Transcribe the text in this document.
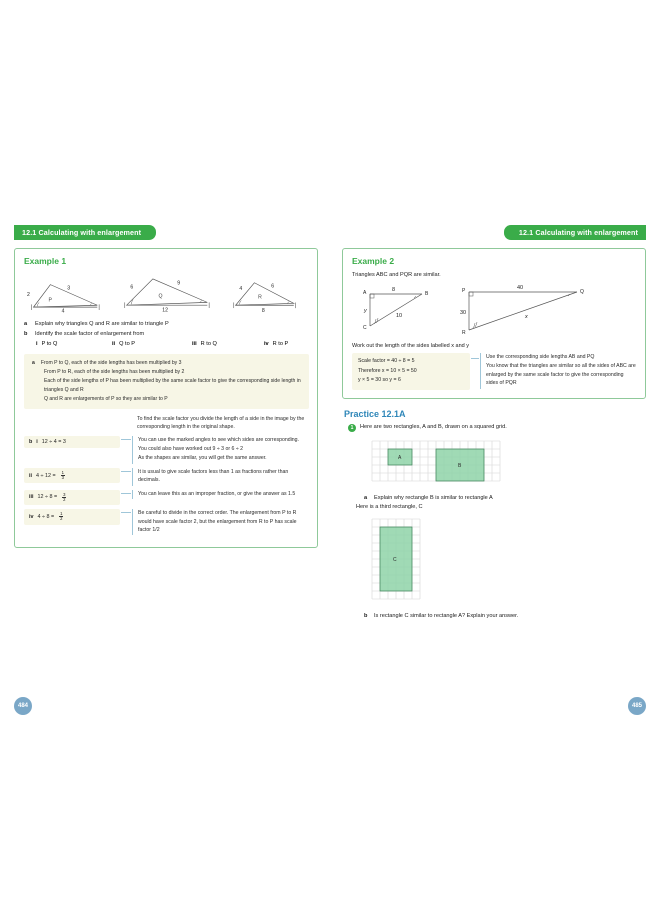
12.1 Calculating with enlargement
Example 1
2
3
4
P
6
9
12
Q
4	6
8
R
a	Explain why triangles Q and R are similar to triangle P
b	Identify the scale factor of enlargement from
i P to Q	ii Q to P	iii R to Q	iv R to P
a From P to Q, each of the side lengths has been multiplied by 3
From P to R, each of the side lengths has been multiplied by 2
Each of the side lengths of P has been multiplied by the same scale factor to give the corresponding side length in triangles Q and R
Q and R are enlargements of P so they are similar to P
To find the scale factor you divide the length of a side in the image by the corresponding length in the original shape.
b i 12 ÷ 4 = 3	You can use the marked angles to see which sides are corresponding.
You could also have worked out 9 ÷ 3 or 6 ÷ 2
As the shapes are similar, you will get the same answer.
ii $4 \div 12 = \frac{1}{3}$	It is usual to give scale factors less than 1 as fractions rather than decimals.
iii $12 \div 8 = \frac{3}{2}$	You can leave this as an improper fraction, or give the answer as 1.5
iv $4 \div 8 = \frac{1}{2}$	Be careful to divide in the correct order. The enlargement from P to R would have scale factor 2, but the enlargement from R to P has scale factor 1/2
484
12.1 Calculating with enlargement
Example 2
Triangles ABC and PQR are similar.
A	B
C
8
y
10
P	Q
R
40
30
x
Work out the length of the sides labelled x and y
Scale factor = 40 ÷ 8 = 5
Therefore x = 10 × 5 = 50
y × 5 = 30 so y = 6
Use the corresponding side lengths AB and PQ
You know that the triangles are similar so all the sides of ABC are enlarged by the same scale factor to give the corresponding sides of PQR
Practice 12.1A
1	Here are two rectangles, A and B, drawn on a squared grid.
A
B
a	Explain why rectangle B is similar to rectangle A
Here is a third rectangle, C
C
b	Is rectangle C similar to rectangle A? Explain your answer.
485
